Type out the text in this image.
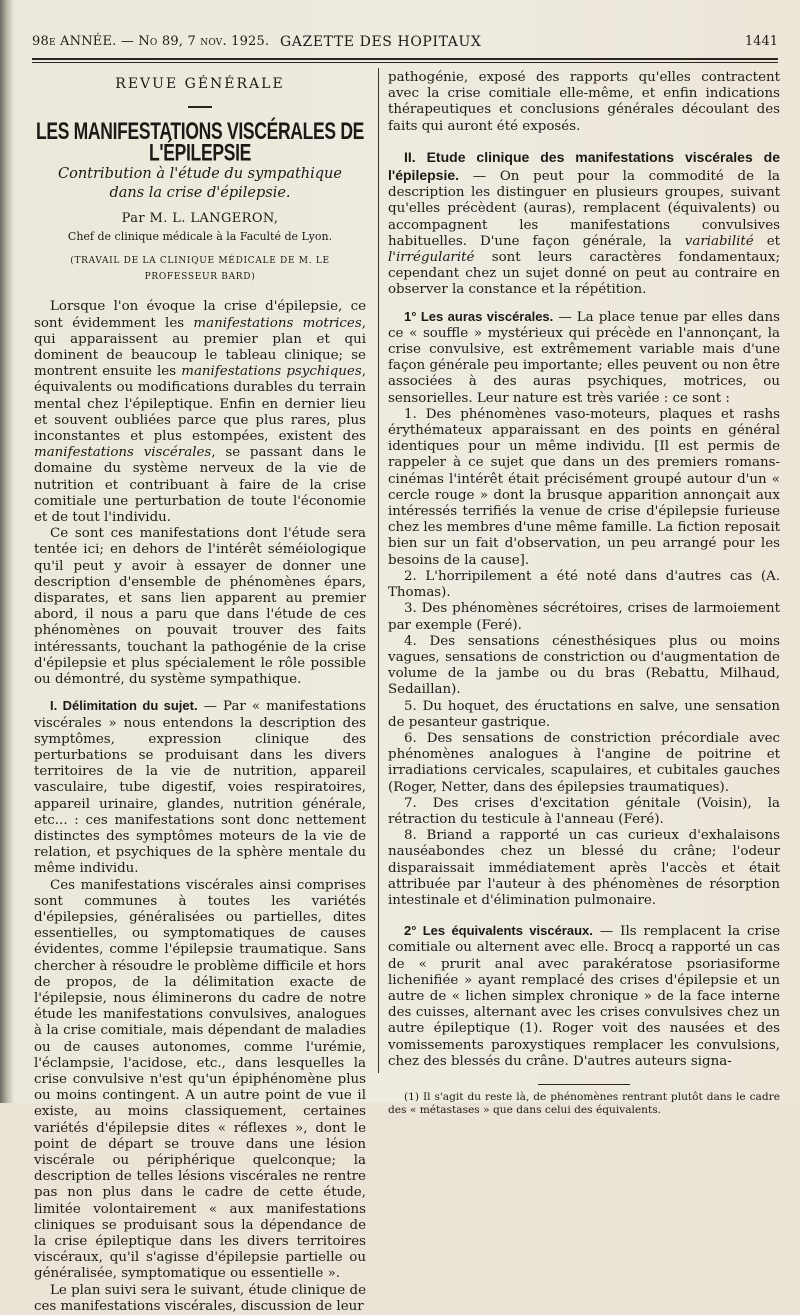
98e ANNÉE. — No 89, 7 nov. 1925. GAZETTE DES HOPITAUX	1441
REVUE GÉNÉRALE
LES MANIFESTATIONS VISCÉRALES DE L'ÉPILEPSIE
Contribution à l'étude du sympathique
dans la crise d'épilepsie.
Par M. L. LANGERON,
Chef de clinique médicale à la Faculté de Lyon.
(TRAVAIL DE LA CLINIQUE MÉDICALE DE M. LE PROFESSEUR BARD)

Lorsque l'on évoque la crise d'épilepsie, ce sont évidemment les manifestations motrices, qui apparaissent au premier plan et qui dominent de beaucoup le tableau clinique; se montrent ensuite les manifestations psychiques, équivalents ou modifications durables du terrain mental chez l'épileptique. Enfin en dernier lieu et souvent oubliées parce que plus rares, plus inconstantes et plus estompées, existent des manifestations viscérales, se passant dans le domaine du système nerveux de la vie de nutrition et contribuant à faire de la crise comitiale une perturbation de toute l'économie et de tout l'individu.

Ce sont ces manifestations dont l'étude sera tentée ici; en dehors de l'intérêt séméiologique qu'il peut y avoir à essayer de donner une description d'ensemble de phénomènes épars, disparates, et sans lien apparent au premier abord, il nous a paru que dans l'étude de ces phénomènes on pouvait trouver des faits intéressants, touchant la pathogénie de la crise d'épilepsie et plus spécialement le rôle possible ou démontré, du système sympathique.

I. Délimitation du sujet. — Par « manifestations viscérales » nous entendons la description des symptômes, expression clinique des perturbations se produisant dans les divers territoires de la vie de nutrition, appareil vasculaire, tube digestif, voies respiratoires, appareil urinaire, glandes, nutrition générale, etc... : ces manifestations sont donc nettement distinctes des symptômes moteurs de la vie de relation, et psychiques de la sphère mentale du même individu.

Ces manifestations viscérales ainsi comprises sont communes à toutes les variétés d'épilepsies, généralisées ou partielles, dites essentielles, ou symptomatiques de causes évidentes, comme l'épilepsie traumatique. Sans chercher à résoudre le problème difficile et hors de propos, de la délimitation exacte de l'épilepsie, nous éliminerons du cadre de notre étude les manifestations convulsives, analogues à la crise comitiale, mais dépendant de maladies ou de causes autonomes, comme l'urémie, l'éclampsie, l'acidose, etc., dans lesquelles la crise convulsive n'est qu'un épiphénomène plus ou moins contingent. A un autre point de vue il existe, au moins classiquement, certaines variétés d'épilepsie dites « réflexes », dont le point de départ se trouve dans une lésion viscérale ou périphérique quelconque; la description de telles lésions viscérales ne rentre pas non plus dans le cadre de cette étude, limitée volontairement « aux manifestations cliniques se produisant sous la dépendance de la crise épileptique dans les divers territoires viscéraux, qu'il s'agisse d'épilepsie partielle ou généralisée, symptomatique ou essentielle ».

Le plan suivi sera le suivant, étude clinique de ces manifestations viscérales, discussion de leur

pathogénie, exposé des rapports qu'elles contractent avec la crise comitiale elle-même, et enfin indications thérapeutiques et conclusions générales découlant des faits qui auront été exposés.

II. Etude clinique des manifestations viscérales de l'épilepsie. — On peut pour la commodité de la description les distinguer en plusieurs groupes, suivant qu'elles précèdent (auras), remplacent (équivalents) ou accompagnent les manifestations convulsives habituelles. D'une façon générale, la variabilité et l'irrégularité sont leurs caractères fondamentaux; cependant chez un sujet donné on peut au contraire en observer la constance et la répétition.

1° Les auras viscérales. — La place tenue par elles dans ce « souffle » mystérieux qui précède en l'annonçant, la crise convulsive, est extrêmement variable mais d'une façon générale peu importante; elles peuvent ou non être associées à des auras psychiques, motrices, ou sensorielles. Leur nature est très variée : ce sont :

1. Des phénomènes vaso-moteurs, plaques et rashs érythémateux apparaissant en des points en général identiques pour un même individu. [Il est permis de rappeler à ce sujet que dans un des premiers romans-cinémas l'intérêt était précisément groupé autour d'un « cercle rouge » dont la brusque apparition annonçait aux intéressés terrifiés la venue de crise d'épilepsie furieuse chez les membres d'une même famille. La fiction reposait bien sur un fait d'observation, un peu arrangé pour les besoins de la cause].

2. L'horripilement a été noté dans d'autres cas (A. Thomas).

3. Des phénomènes sécrétoires, crises de larmoiement par exemple (Feré).

4. Des sensations cénesthésiques plus ou moins vagues, sensations de constriction ou d'augmentation de volume de la jambe ou du bras (Rebattu, Milhaud, Sedaillan).

5. Du hoquet, des éructations en salve, une sensation de pesanteur gastrique.

6. Des sensations de constriction précordiale avec phénomènes analogues à l'angine de poitrine et irradiations cervicales, scapulaires, et cubitales gauches (Roger, Netter, dans des épilepsies traumatiques).

7. Des crises d'excitation génitale (Voisin), la rétraction du testicule à l'anneau (Feré).

8. Briand a rapporté un cas curieux d'exhalaisons nauséabondes chez un blessé du crâne; l'odeur disparaissait immédiatement après l'accès et était attribuée par l'auteur à des phénomènes de résorption intestinale et d'élimination pulmonaire.

2° Les équivalents viscéraux. — Ils remplacent la crise comitiale ou alternent avec elle. Brocq a rapporté un cas de « prurit anal avec parakératose psoriasiforme lichenifiée » ayant remplacé des crises d'épilepsie et un autre de « lichen simplex chronique » de la face interne des cuisses, alternant avec les crises convulsives chez un autre épileptique (1). Roger voit des nausées et des vomissements paroxystiques remplacer les convulsions, chez des blessés du crâne. D'autres auteurs signa-

(1) Il s'agit du reste là, de phénomènes rentrant plutôt dans le cadre des « métastases » que dans celui des équivalents.
